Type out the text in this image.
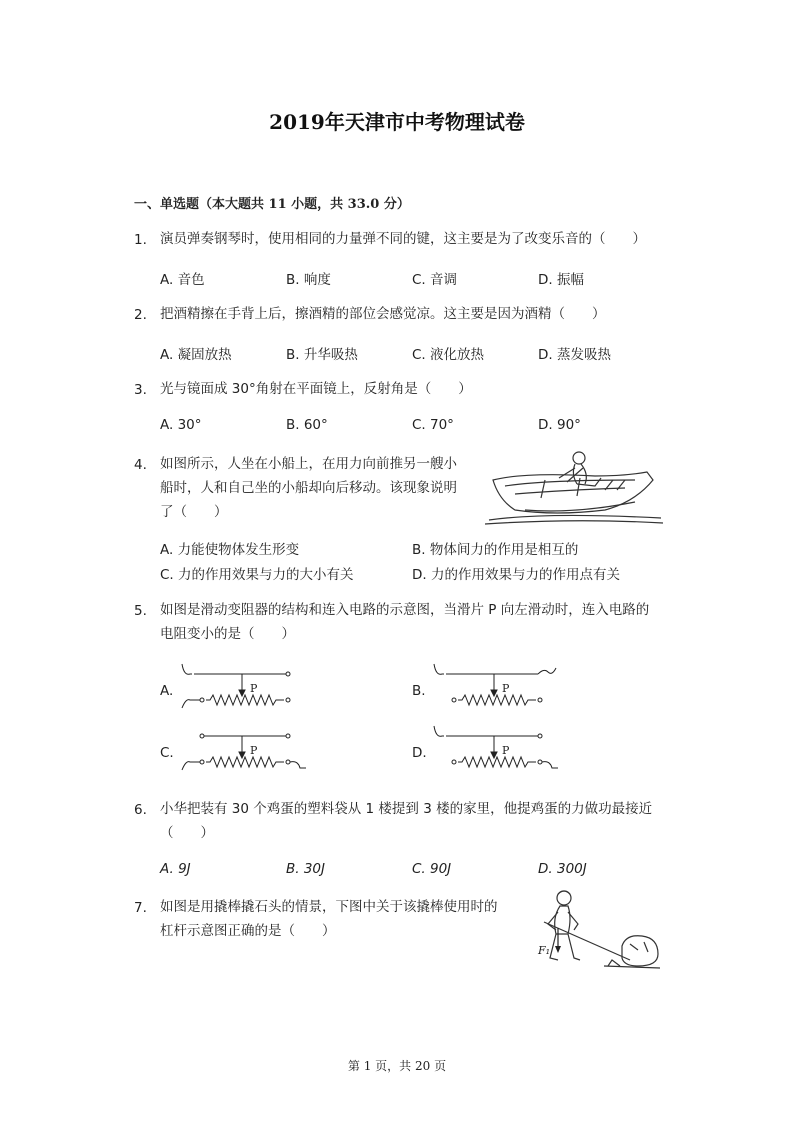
2019年天津市中考物理试卷
一、单选题（本大题共 11 小题，共 33.0 分）
1. 演员弹奏钢琴时，使用相同的力量弹不同的键，这主要是为了改变乐音的（　　）
A. 音色	B. 响度	C. 音调	D. 振幅
2. 把酒精擦在手背上后，擦酒精的部位会感觉凉。这主要是因为酒精（　　）
A. 凝固放热	B. 升华吸热	C. 液化放热	D. 蒸发吸热
3. 光与镜面成 30°角射在平面镜上，反射角是（　　）
A. 30°	B. 60°	C. 70°	D. 90°
4. 如图所示，人坐在小船上，在用力向前推另一艘小
船时，人和自己坐的小船却向后移动。该现象说明
了（　　）
A. 力能使物体发生形变	B. 物体间力的作用是相互的
C. 力的作用效果与力的大小有关	D. 力的作用效果与力的作用点有关
5. 如图是滑动变阻器的结构和连入电路的示意图，当滑片 P 向左滑动时，连入电路的
电阻变小的是（　　）
A.	B.
C.	D.
P	P
P	P
6. 小华把装有 30 个鸡蛋的塑料袋从 1 楼提到 3 楼的家里，他提鸡蛋的力做功最接近
（　　）
A. 9J	B. 30J	C. 90J	D. 300J
7. 如图是用撬棒撬石头的情景，下图中关于该撬棒使用时的
杠杆示意图正确的是（　　）
F₁
第 1 页，共 20 页
